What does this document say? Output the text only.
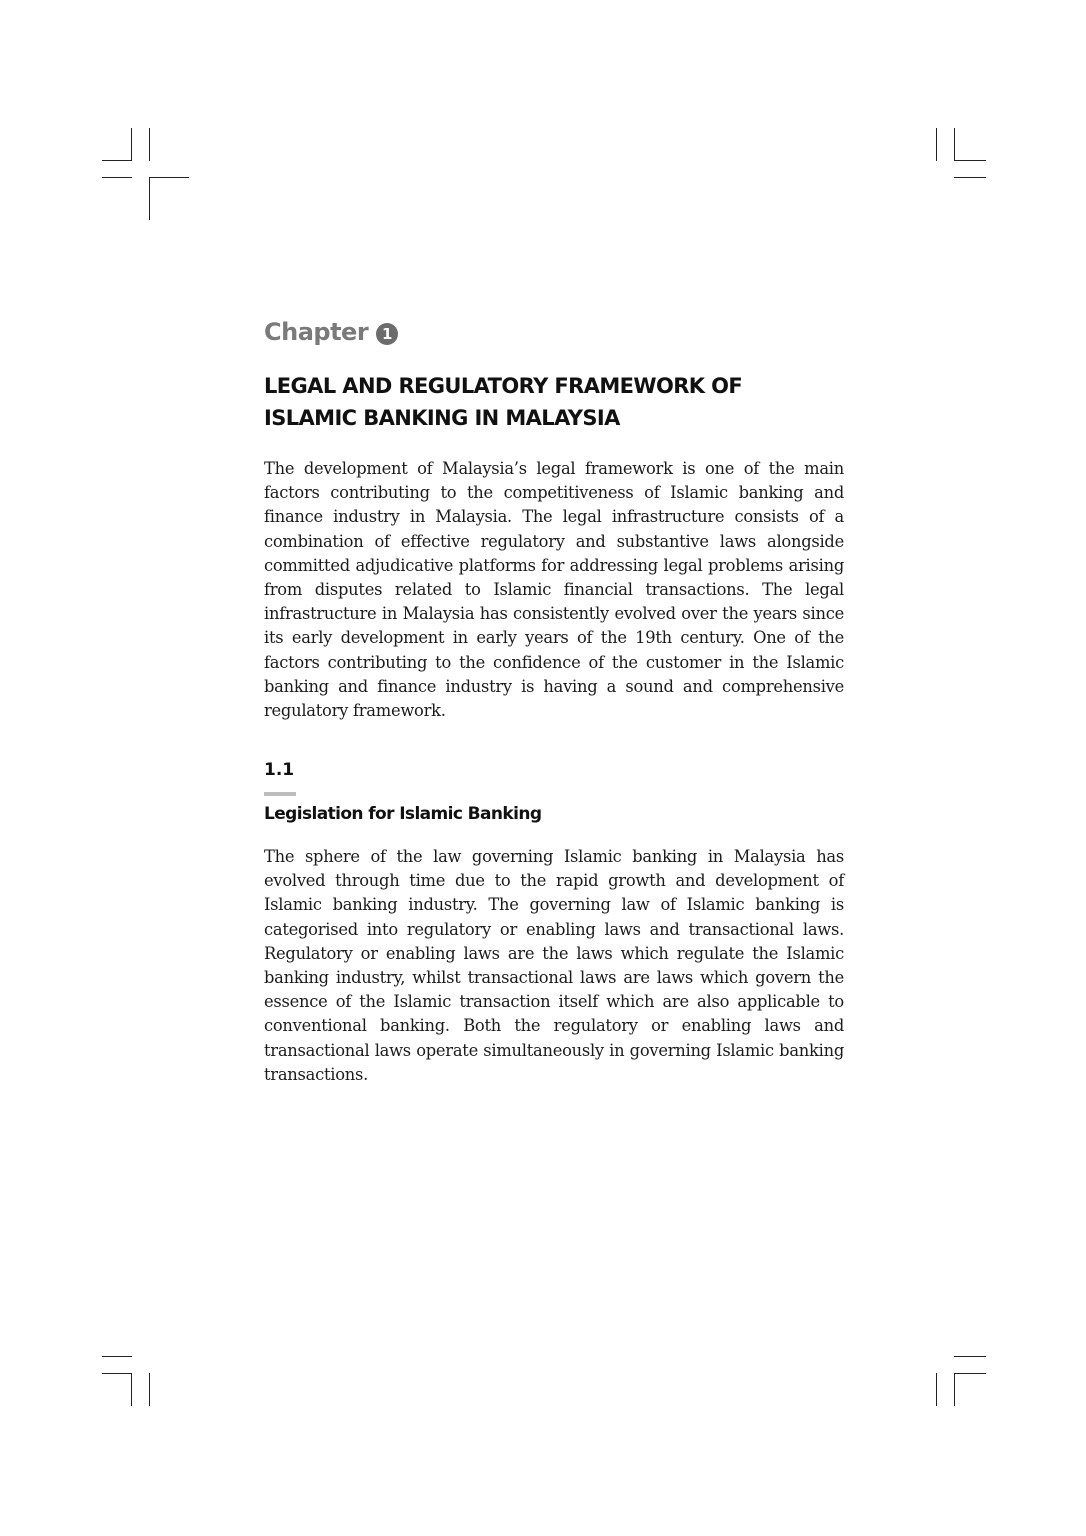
Chapter 1
LEGAL AND REGULATORY FRAMEWORK OF
ISLAMIC BANKING IN MALAYSIA

The development of Malaysia’s legal framework is one of the main factors contributing to the competitiveness of Islamic banking and finance industry in Malaysia. The legal infrastructure consists of a combination of effective regulatory and substantive laws alongside committed adjudicative platforms for addressing legal problems arising from disputes related to Islamic financial transactions. The legal infrastructure in Malaysia has consistently evolved over the years since its early development in early years of the 19th century. One of the factors contributing to the confidence of the customer in the Islamic banking and finance industry is having a sound and comprehensive regulatory framework.

1.1
Legislation for Islamic Banking

The sphere of the law governing Islamic banking in Malaysia has evolved through time due to the rapid growth and development of Islamic banking industry. The governing law of Islamic banking is categorised into regulatory or enabling laws and transactional laws. Regulatory or enabling laws are the laws which regulate the Islamic banking industry, whilst transactional laws are laws which govern the essence of the Islamic transaction itself which are also applicable to conventional banking. Both the regulatory or enabling laws and transactional laws operate simultaneously in governing Islamic banking transactions.
